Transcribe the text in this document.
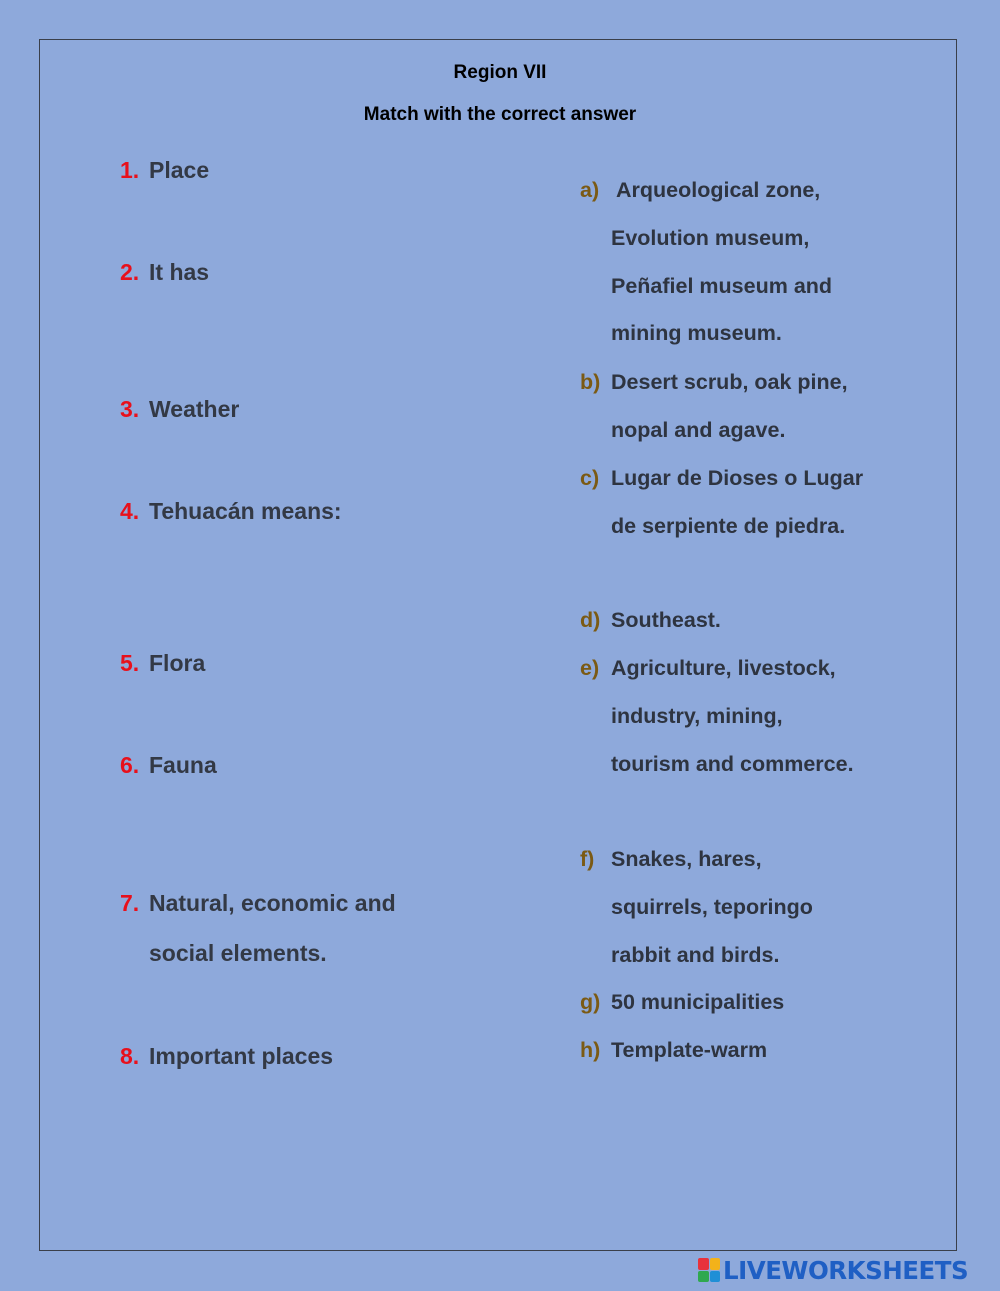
Region VII
Match with the correct answer
1. Place
2. It has
3. Weather
4. Tehuacán means:
5. Flora
6. Fauna
7. Natural, economic and
social elements.
8. Important places
a) Arqueological zone, Evolution museum, Peñafiel museum and mining museum.
b) Desert scrub, oak pine, nopal and agave.
c) Lugar de Dioses o Lugar de serpiente de piedra.
d) Southeast.
e) Agriculture, livestock, industry, mining, tourism and commerce.
f) Snakes, hares, squirrels, teporingo rabbit and birds.
g) 50 municipalities
h) Template-warm
LIVEWORKSHEETS
